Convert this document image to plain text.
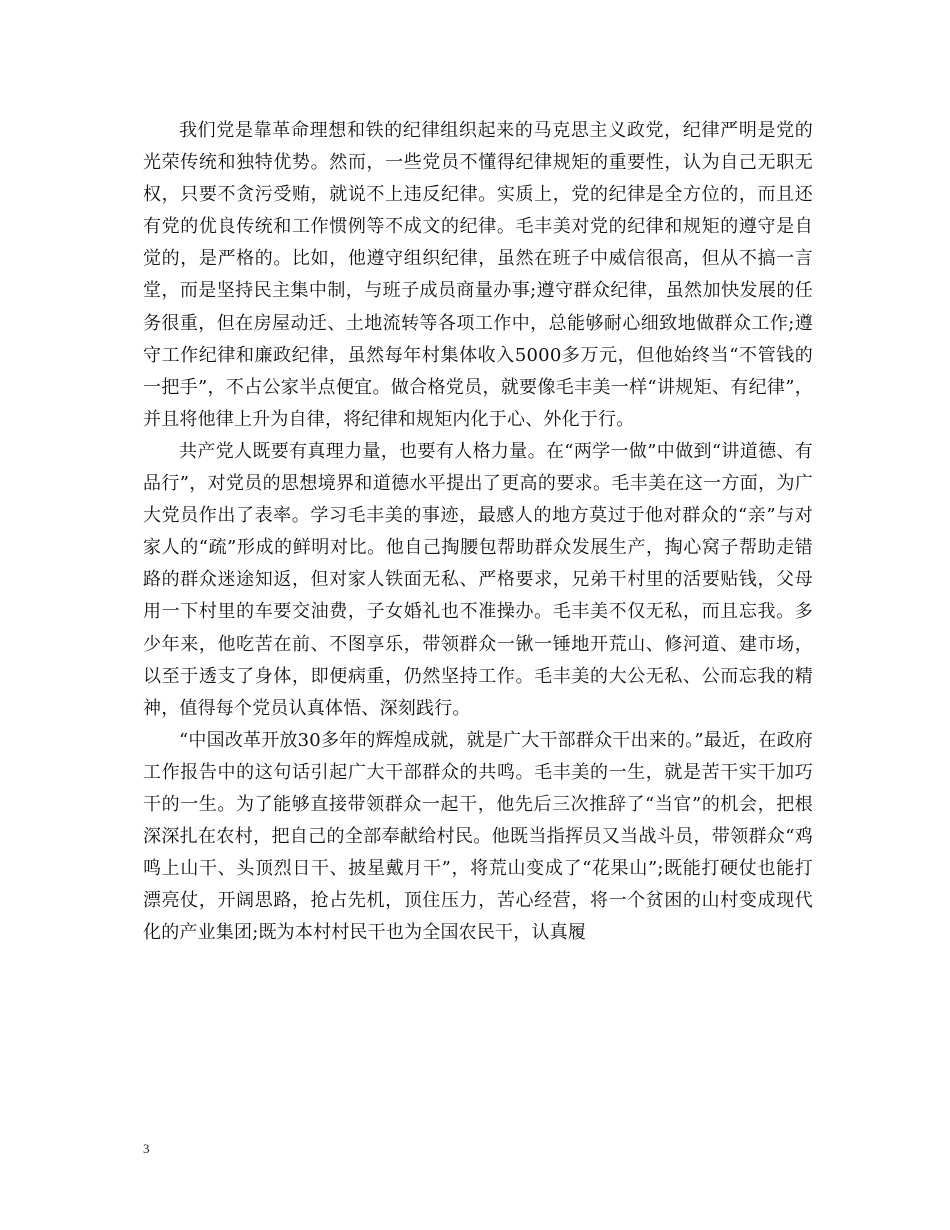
我们党是靠革命理想和铁的纪律组织起来的马克思主义政党，纪律严明是党的光荣传统和独特优势。然而，一些党员不懂得纪律规矩的重要性，认为自己无职无权，只要不贪污受贿，就说不上违反纪律。实质上，党的纪律是全方位的，而且还有党的优良传统和工作惯例等不成文的纪律。毛丰美对党的纪律和规矩的遵守是自觉的，是严格的。比如，他遵守组织纪律，虽然在班子中威信很高，但从不搞一言堂，而是坚持民主集中制，与班子成员商量办事;遵守群众纪律，虽然加快发展的任务很重，但在房屋动迁、土地流转等各项工作中，总能够耐心细致地做群众工作;遵守工作纪律和廉政纪律，虽然每年村集体收入5000多万元，但他始终当“不管钱的一把手”，不占公家半点便宜。做合格党员，就要像毛丰美一样“讲规矩、有纪律”，并且将他律上升为自律，将纪律和规矩内化于心、外化于行。

共产党人既要有真理力量，也要有人格力量。在“两学一做”中做到“讲道德、有品行”，对党员的思想境界和道德水平提出了更高的要求。毛丰美在这一方面，为广大党员作出了表率。学习毛丰美的事迹，最感人的地方莫过于他对群众的“亲”与对家人的“疏”形成的鲜明对比。他自己掏腰包帮助群众发展生产，掏心窝子帮助走错路的群众迷途知返，但对家人铁面无私、严格要求，兄弟干村里的活要贴钱，父母用一下村里的车要交油费，子女婚礼也不准操办。毛丰美不仅无私，而且忘我。多少年来，他吃苦在前、不图享乐，带领群众一锹一锤地开荒山、修河道、建市场，以至于透支了身体，即便病重，仍然坚持工作。毛丰美的大公无私、公而忘我的精神，值得每个党员认真体悟、深刻践行。

“中国改革开放30多年的辉煌成就，就是广大干部群众干出来的。”最近，在政府工作报告中的这句话引起广大干部群众的共鸣。毛丰美的一生，就是苦干实干加巧干的一生。为了能够直接带领群众一起干，他先后三次推辞了“当官”的机会，把根深深扎在农村，把自己的全部奉献给村民。他既当指挥员又当战斗员，带领群众“鸡鸣上山干、头顶烈日干、披星戴月干”，将荒山变成了“花果山”;既能打硬仗也能打漂亮仗，开阔思路，抢占先机，顶住压力，苦心经营，将一个贫困的山村变成现代化的产业集团;既为本村村民干也为全国农民干，认真履

3
